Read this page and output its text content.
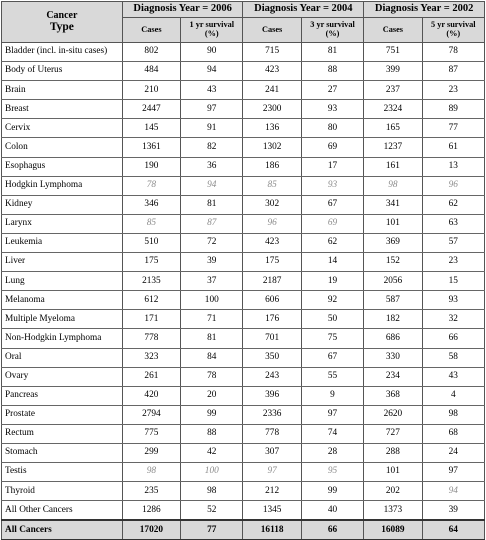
Cancer
Type	Diagnosis Year = 2006		Diagnosis Year = 2004		Diagnosis Year = 2002	
	Cases	1 yr survival (%)	Cases	3 yr survival (%)	Cases	5 yr survival (%)
Bladder (incl. in-situ cases)	802	90	715	81	751	78
Body of Uterus	484	94	423	88	399	87
Brain	210	43	241	27	237	23
Breast	2447	97	2300	93	2324	89
Cervix	145	91	136	80	165	77
Colon	1361	82	1302	69	1237	61
Esophagus	190	36	186	17	161	13
Hodgkin Lymphoma	78	94	85	93	98	96
Kidney	346	81	302	67	341	62
Larynx	85	87	96	69	101	63
Leukemia	510	72	423	62	369	57
Liver	175	39	175	14	152	23
Lung	2135	37	2187	19	2056	15
Melanoma	612	100	606	92	587	93
Multiple Myeloma	171	71	176	50	182	32
Non-Hodgkin Lymphoma	778	81	701	75	686	66
Oral	323	84	350	67	330	58
Ovary	261	78	243	55	234	43
Pancreas	420	20	396	9	368	4
Prostate	2794	99	2336	97	2620	98
Rectum	775	88	778	74	727	68
Stomach	299	42	307	28	288	24
Testis	98	100	97	95	101	97
Thyroid	235	98	212	99	202	94
All Other Cancers	1286	52	1345	40	1373	39
All Cancers	17020	77	16118	66	16089	64
